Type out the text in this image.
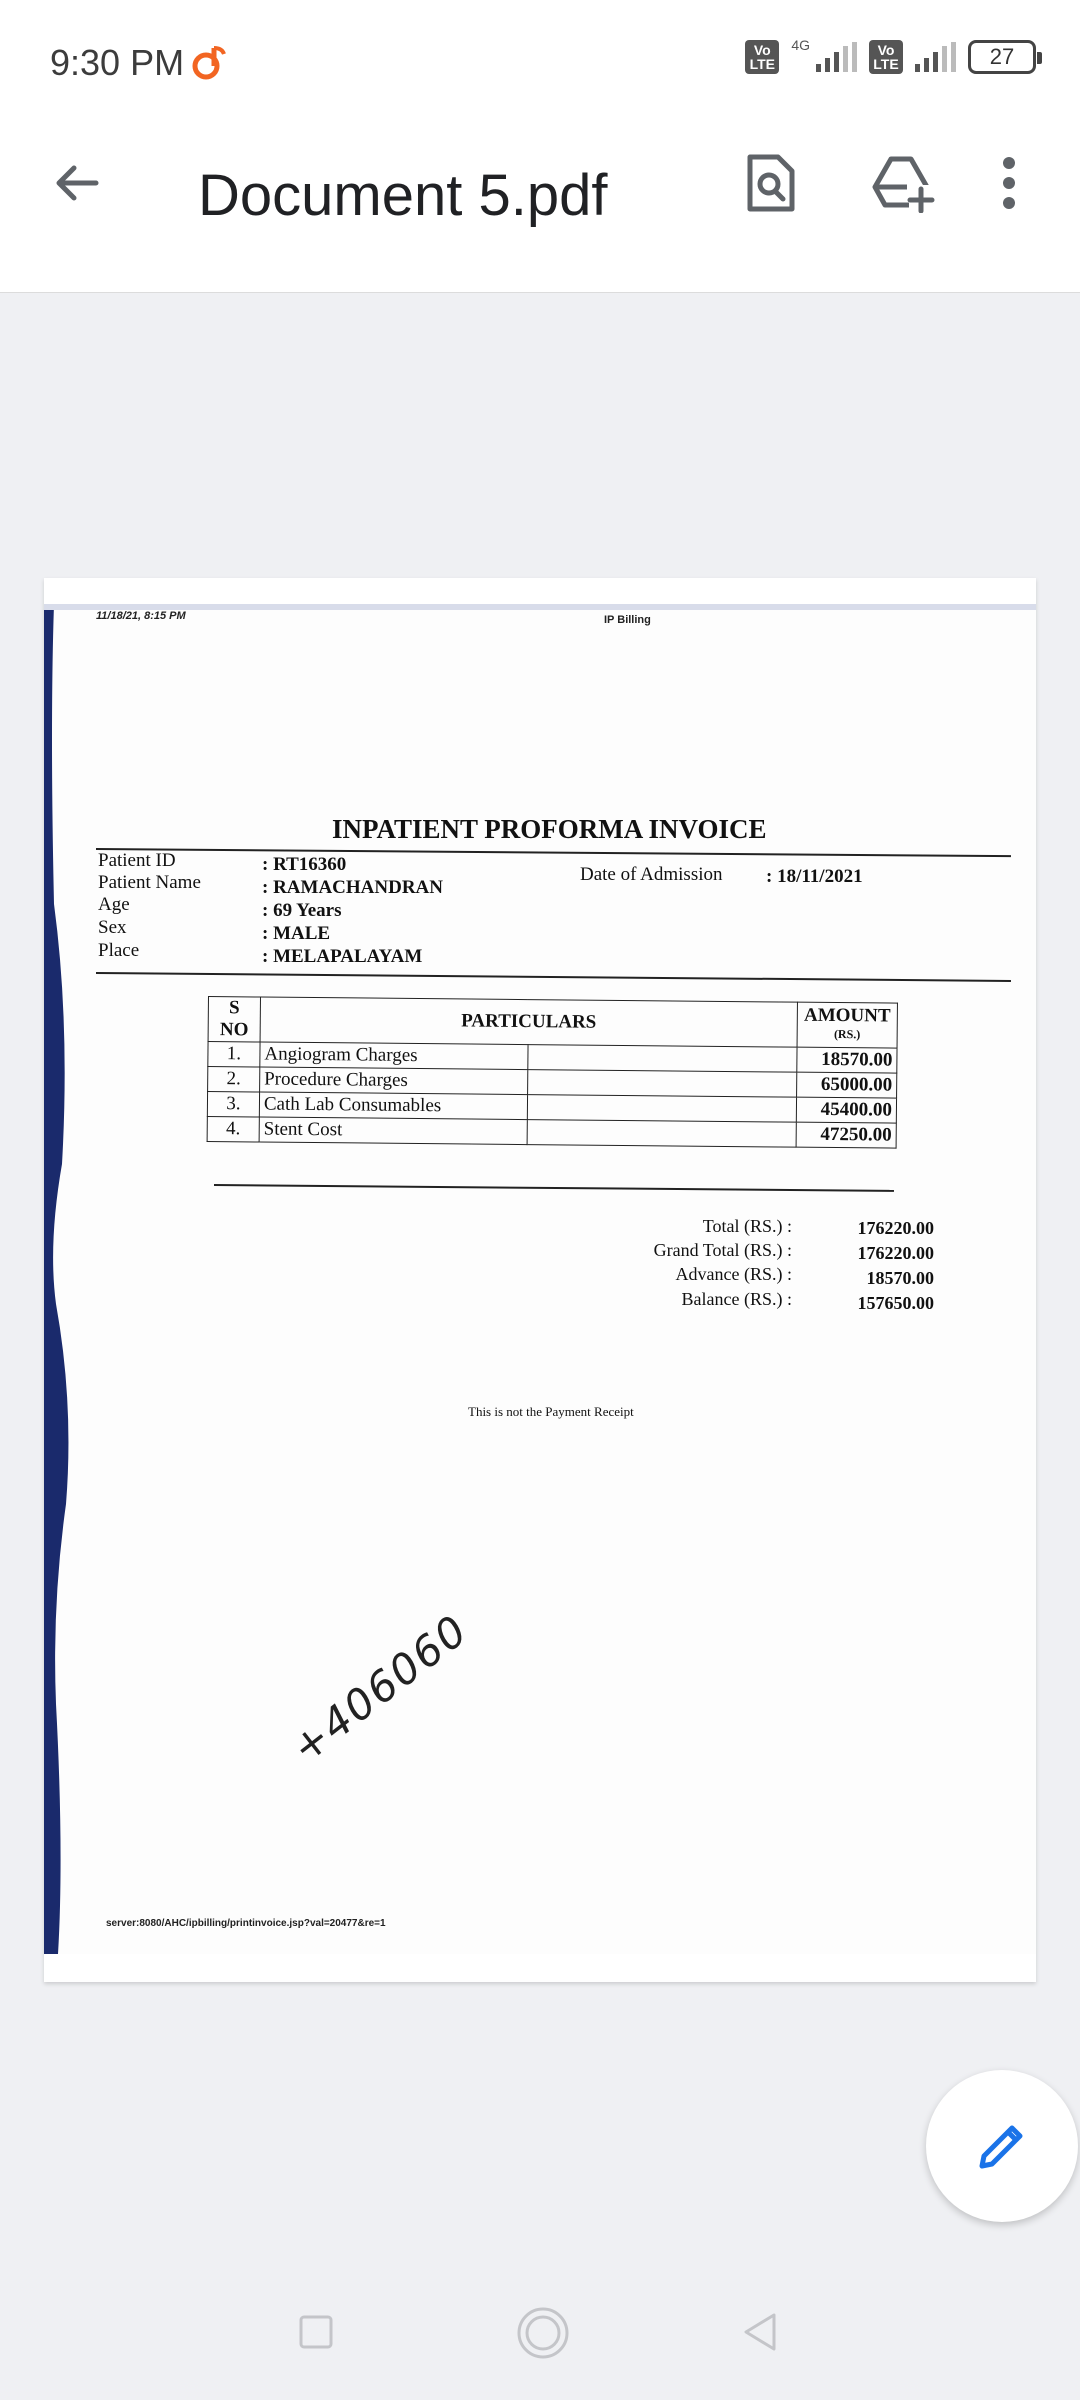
9:30 PM	Vo
LTE
4G	Vo
LTE	27
Document 5.pdf
11/18/21, 8:15 PM	IP Billing
INPATIENT PROFORMA INVOICE
Patient ID	: RT16360
Patient Name	: RAMACHANDRAN
Age	: 69 Years
Sex	: MALE
Place	: MELAPALAYAM
Date of Admission : 18/11/2021
S NO	PARTICULARS		AMOUNT
(RS.)

1.	Angiogram Charges		18570.00
2.	Procedure Charges		65000.00
3.	Cath Lab Consumables		45400.00
4.	Stent Cost		47250.00
Total (RS.) :	176220.00
Grand Total (RS.) :	176220.00
Advance (RS.) :	18570.00
Balance (RS.) :	157650.00
This is not the Payment Receipt
+406060
server:8080/AHC/ipbilling/printinvoice.jsp?val=20477&re=1
